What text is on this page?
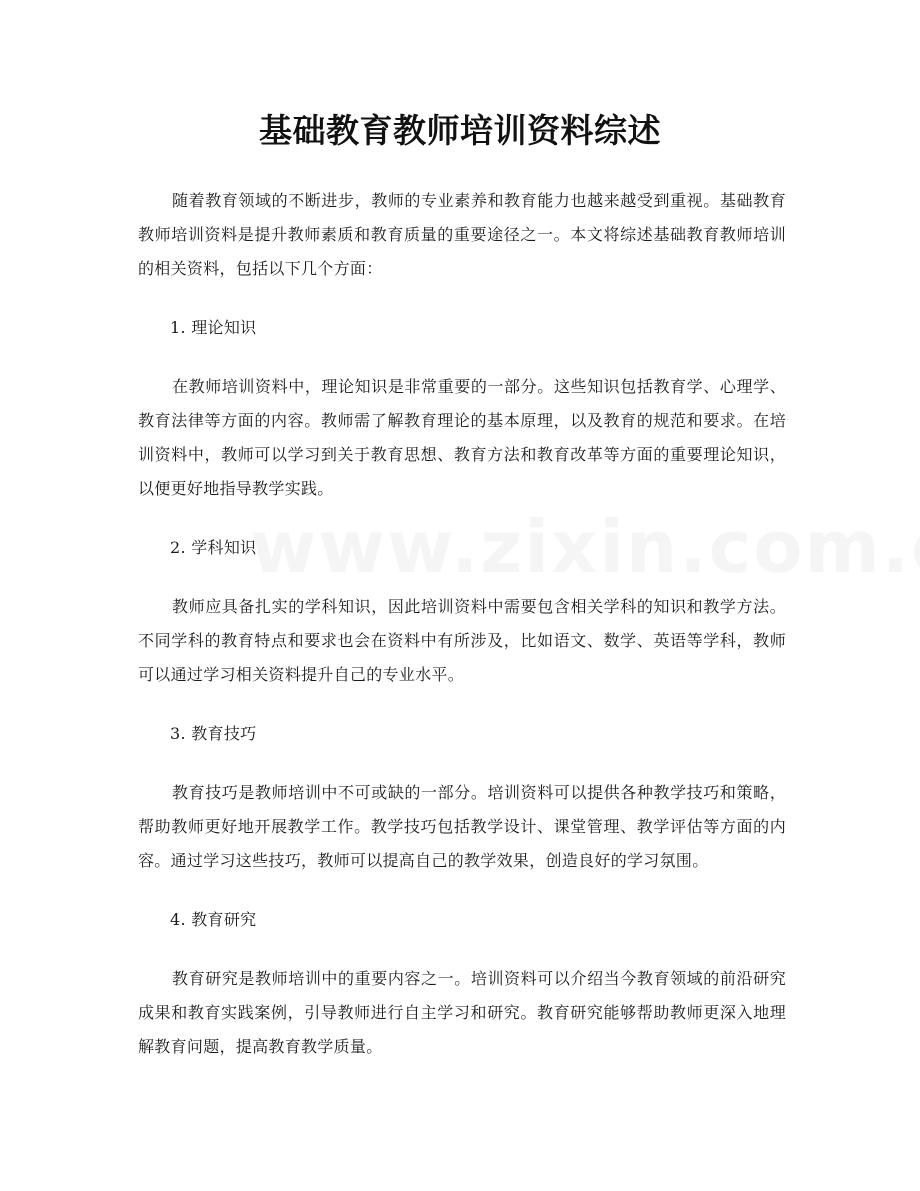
基础教育教师培训资料综述

随着教育领域的不断进步，教师的专业素养和教育能力也越来越受到重视。基础教育教师培训资料是提升教师素质和教育质量的重要途径之一。本文将综述基础教育教师培训的相关资料，包括以下几个方面：

1. 理论知识

在教师培训资料中，理论知识是非常重要的一部分。这些知识包括教育学、心理学、教育法律等方面的内容。教师需了解教育理论的基本原理，以及教育的规范和要求。在培训资料中，教师可以学习到关于教育思想、教育方法和教育改革等方面的重要理论知识，以便更好地指导教学实践。

2. 学科知识

教师应具备扎实的学科知识，因此培训资料中需要包含相关学科的知识和教学方法。不同学科的教育特点和要求也会在资料中有所涉及，比如语文、数学、英语等学科，教师可以通过学习相关资料提升自己的专业水平。

3. 教育技巧

教育技巧是教师培训中不可或缺的一部分。培训资料可以提供各种教学技巧和策略，帮助教师更好地开展教学工作。教学技巧包括教学设计、课堂管理、教学评估等方面的内容。通过学习这些技巧，教师可以提高自己的教学效果，创造良好的学习氛围。

4. 教育研究

教育研究是教师培训中的重要内容之一。培训资料可以介绍当今教育领域的前沿研究成果和教育实践案例，引导教师进行自主学习和研究。教育研究能够帮助教师更深入地理解教育问题，提高教育教学质量。
